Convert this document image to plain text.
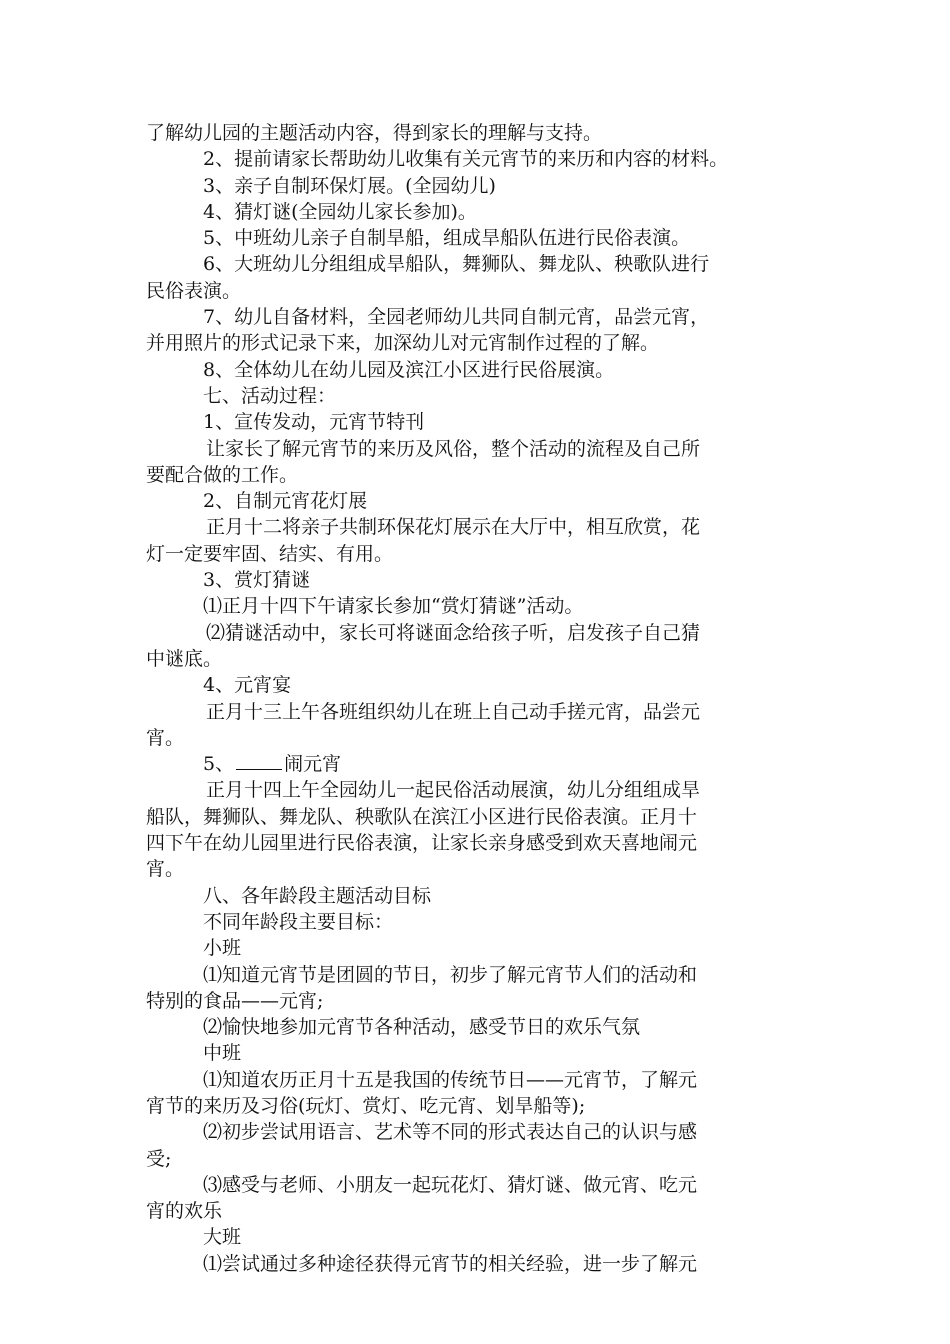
了解幼儿园的主题活动内容，得到家长的理解与支持。
2、提前请家长帮助幼儿收集有关元宵节的来历和内容的材料。
3、亲子自制环保灯展。(全园幼儿)
4、猜灯谜(全园幼儿家长参加)。
5、中班幼儿亲子自制旱船，组成旱船队伍进行民俗表演。
6、大班幼儿分组组成旱船队，舞狮队、舞龙队、秧歌队进行
民俗表演。
7、幼儿自备材料，全园老师幼儿共同自制元宵，品尝元宵，
并用照片的形式记录下来，加深幼儿对元宵制作过程的了解。
8、全体幼儿在幼儿园及滨江小区进行民俗展演。
七、活动过程：
1、宣传发动，元宵节特刊
让家长了解元宵节的来历及风俗，整个活动的流程及自己所
要配合做的工作。
2、自制元宵花灯展
正月十二将亲子共制环保花灯展示在大厅中，相互欣赏，花
灯一定要牢固、结实、有用。
3、赏灯猜谜
⑴正月十四下午请家长参加“赏灯猜谜”活动。
⑵猜谜活动中，家长可将谜面念给孩子听，启发孩子自己猜
中谜底。
4、元宵宴
正月十三上午各班组织幼儿在班上自己动手搓元宵，品尝元
宵。
5、	闹元宵
正月十四上午全园幼儿一起民俗活动展演，幼儿分组组成旱
船队，舞狮队、舞龙队、秧歌队在滨江小区进行民俗表演。正月十
四下午在幼儿园里进行民俗表演，让家长亲身感受到欢天喜地闹元
宵。
八、各年龄段主题活动目标
不同年龄段主要目标：
小班
⑴知道元宵节是团圆的节日，初步了解元宵节人们的活动和
特别的食品——元宵;
⑵愉快地参加元宵节各种活动，感受节日的欢乐气氛
中班
⑴知道农历正月十五是我国的传统节日——元宵节，了解元
宵节的来历及习俗(玩灯、赏灯、吃元宵、划旱船等);
⑵初步尝试用语言、艺术等不同的形式表达自己的认识与感
受;
⑶感受与老师、小朋友一起玩花灯、猜灯谜、做元宵、吃元
宵的欢乐
大班
⑴尝试通过多种途径获得元宵节的相关经验，进一步了解元
